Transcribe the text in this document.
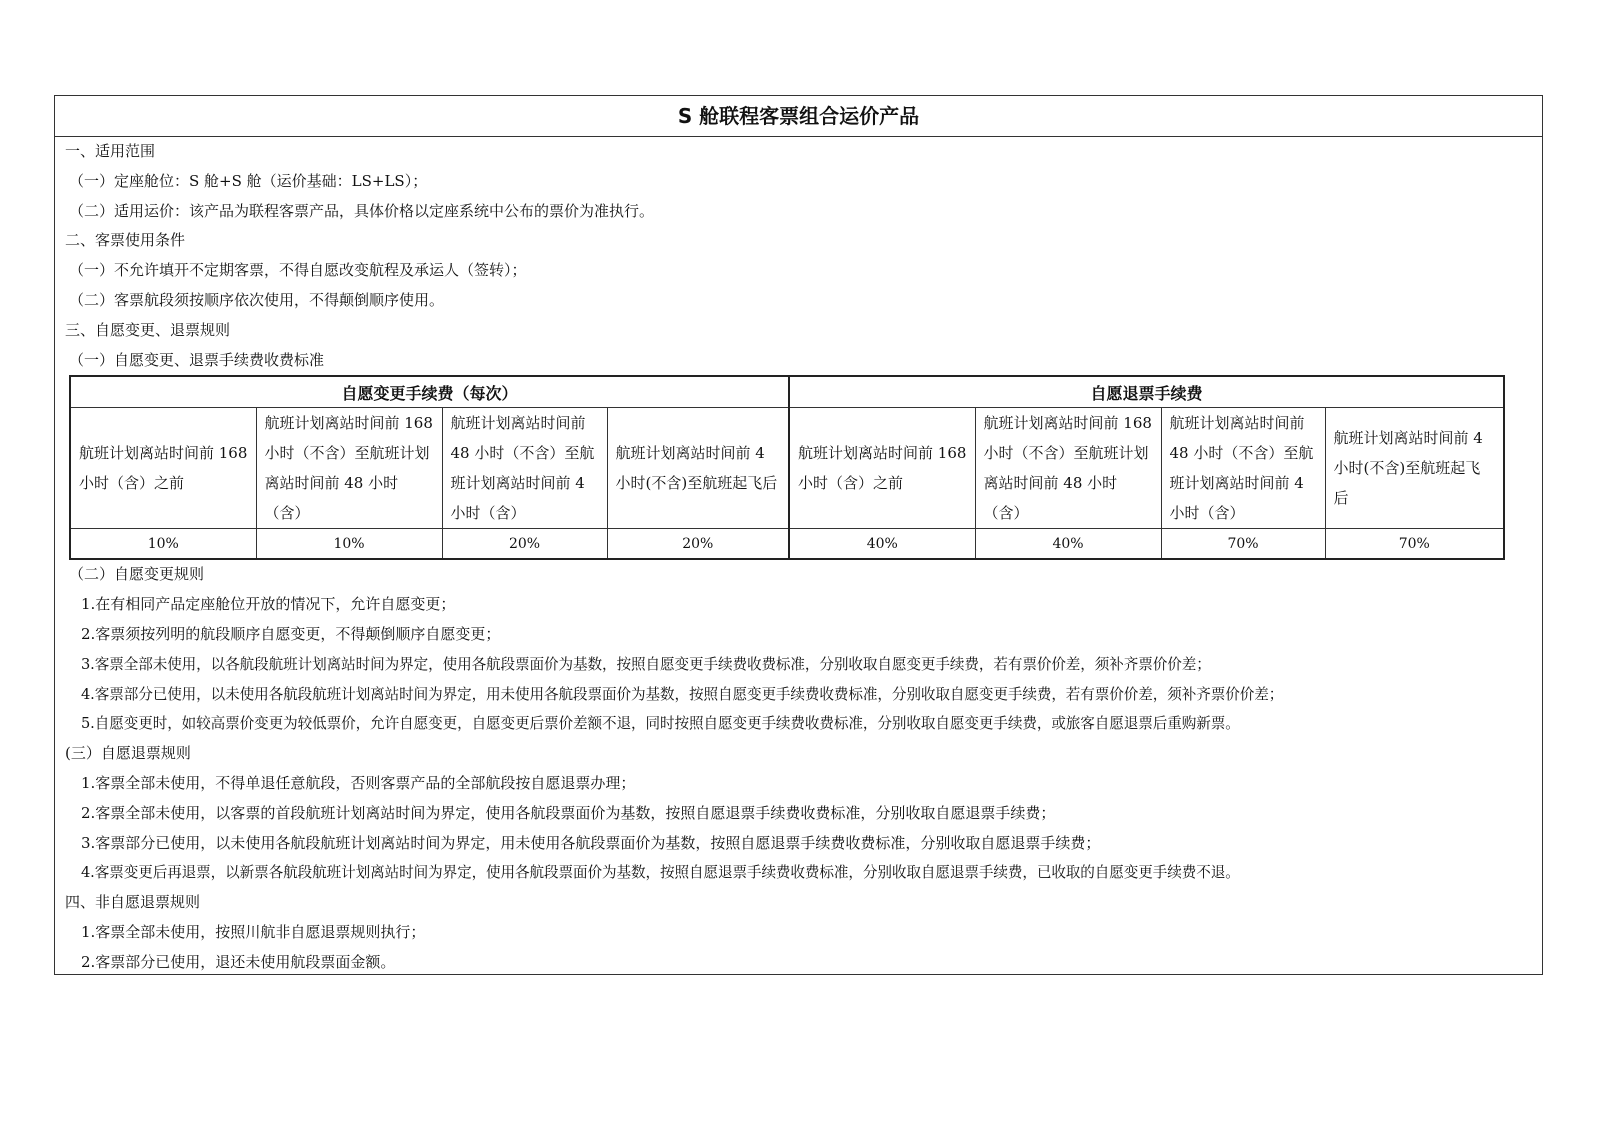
S 舱联程客票组合运价产品
一、适用范围
（一）定座舱位：S 舱+S 舱（运价基础：LS+LS）；
（二）适用运价：该产品为联程客票产品，具体价格以定座系统中公布的票价为准执行。
二、客票使用条件
（一）不允许填开不定期客票，不得自愿改变航程及承运人（签转）；
（二）客票航段须按顺序依次使用，不得颠倒顺序使用。
三、自愿变更、退票规则
（一）自愿变更、退票手续费收费标准
自愿变更手续费（每次）				自愿退票手续费			
航班计划离站时间前 168 小时（含）之前	航班计划离站时间前 168 小时（不含）至航班计划离站时间前 48 小时（含）	航班计划离站时间前 48 小时（不含）至航班计划离站时间前 4 小时（含）	航班计划离站时间前 4 小时(不含)至航班起飞后	航班计划离站时间前 168 小时（含）之前	航班计划离站时间前 168 小时（不含）至航班计划离站时间前 48 小时（含）	航班计划离站时间前 48 小时（不含）至航班计划离站时间前 4 小时（含）	航班计划离站时间前 4 小时(不含)至航班起飞后
10%	10%	20%	20%	40%	40%	70%	70%
（二）自愿变更规则
1.在有相同产品定座舱位开放的情况下，允许自愿变更；
2.客票须按列明的航段顺序自愿变更，不得颠倒顺序自愿变更；
3.客票全部未使用，以各航段航班计划离站时间为界定，使用各航段票面价为基数，按照自愿变更手续费收费标准，分别收取自愿变更手续费，若有票价价差，须补齐票价价差；
4.客票部分已使用，以未使用各航段航班计划离站时间为界定，用未使用各航段票面价为基数，按照自愿变更手续费收费标准，分别收取自愿变更手续费，若有票价价差，须补齐票价价差；
5.自愿变更时，如较高票价变更为较低票价，允许自愿变更，自愿变更后票价差额不退，同时按照自愿变更手续费收费标准，分别收取自愿变更手续费，或旅客自愿退票后重购新票。
(三）自愿退票规则
1.客票全部未使用，不得单退任意航段，否则客票产品的全部航段按自愿退票办理；
2.客票全部未使用，以客票的首段航班计划离站时间为界定，使用各航段票面价为基数，按照自愿退票手续费收费标准，分别收取自愿退票手续费；
3.客票部分已使用，以未使用各航段航班计划离站时间为界定，用未使用各航段票面价为基数，按照自愿退票手续费收费标准，分别收取自愿退票手续费；
4.客票变更后再退票，以新票各航段航班计划离站时间为界定，使用各航段票面价为基数，按照自愿退票手续费收费标准，分别收取自愿退票手续费，已收取的自愿变更手续费不退。
四、非自愿退票规则
1.客票全部未使用，按照川航非自愿退票规则执行；
2.客票部分已使用，退还未使用航段票面金额。
